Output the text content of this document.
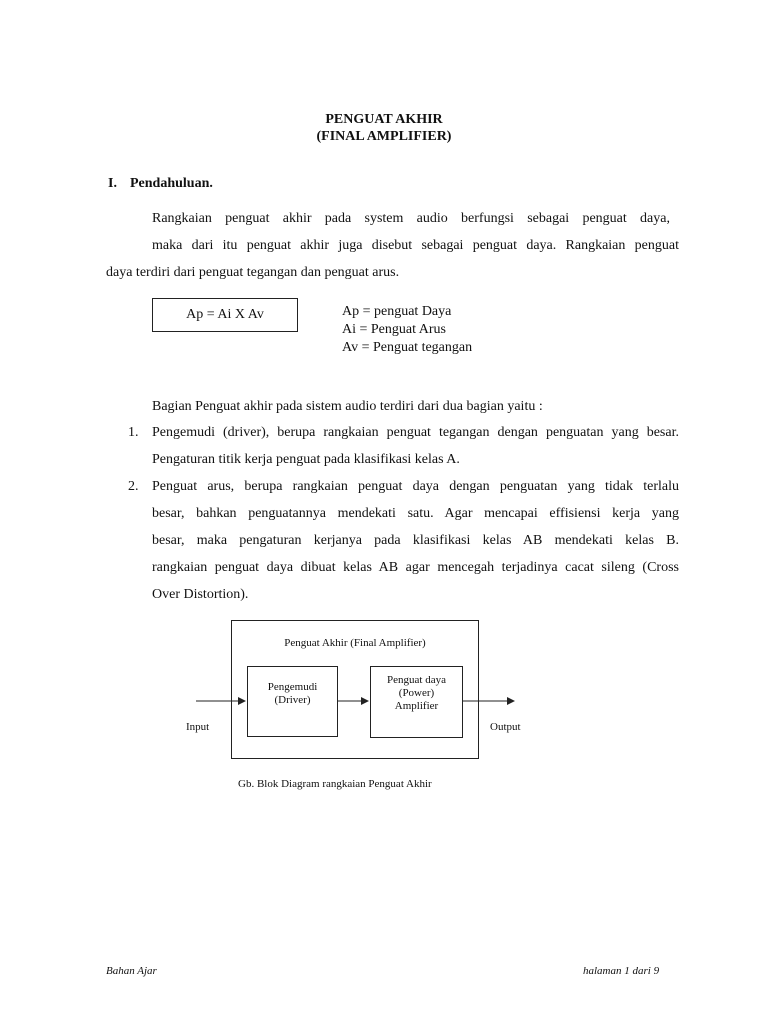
PENGUAT AKHIR
(FINAL AMPLIFIER)
I. Pendahuluan.
Rangkaian penguat akhir pada system audio berfungsi sebagai penguat daya,
maka dari itu penguat akhir juga disebut sebagai penguat daya. Rangkaian penguat
daya terdiri dari penguat tegangan dan penguat arus.
Ap = Ai X Av	Ap = penguat Daya
Ai = Penguat Arus
Av = Penguat tegangan
Bagian Penguat akhir pada sistem audio terdiri dari dua bagian yaitu :
1. Pengemudi (driver), berupa rangkaian penguat tegangan dengan penguatan yang besar.
Pengaturan titik kerja penguat pada klasifikasi kelas A.
2. Penguat arus, berupa rangkaian penguat daya dengan penguatan yang tidak terlalu
besar, bahkan penguatannya mendekati satu. Agar mencapai effisiensi kerja yang
besar, maka pengaturan kerjanya pada klasifikasi kelas AB mendekati kelas B.
rangkaian penguat daya dibuat kelas AB agar mencegah terjadinya cacat sileng (Cross
Over Distortion).
Penguat Akhir (Final Amplifier)
Pengemudi
(Driver)
Penguat daya
(Power)
Amplifier
Input	Output
Gb. Blok Diagram rangkaian Penguat Akhir
Bahan Ajar	halaman 1 dari 9
